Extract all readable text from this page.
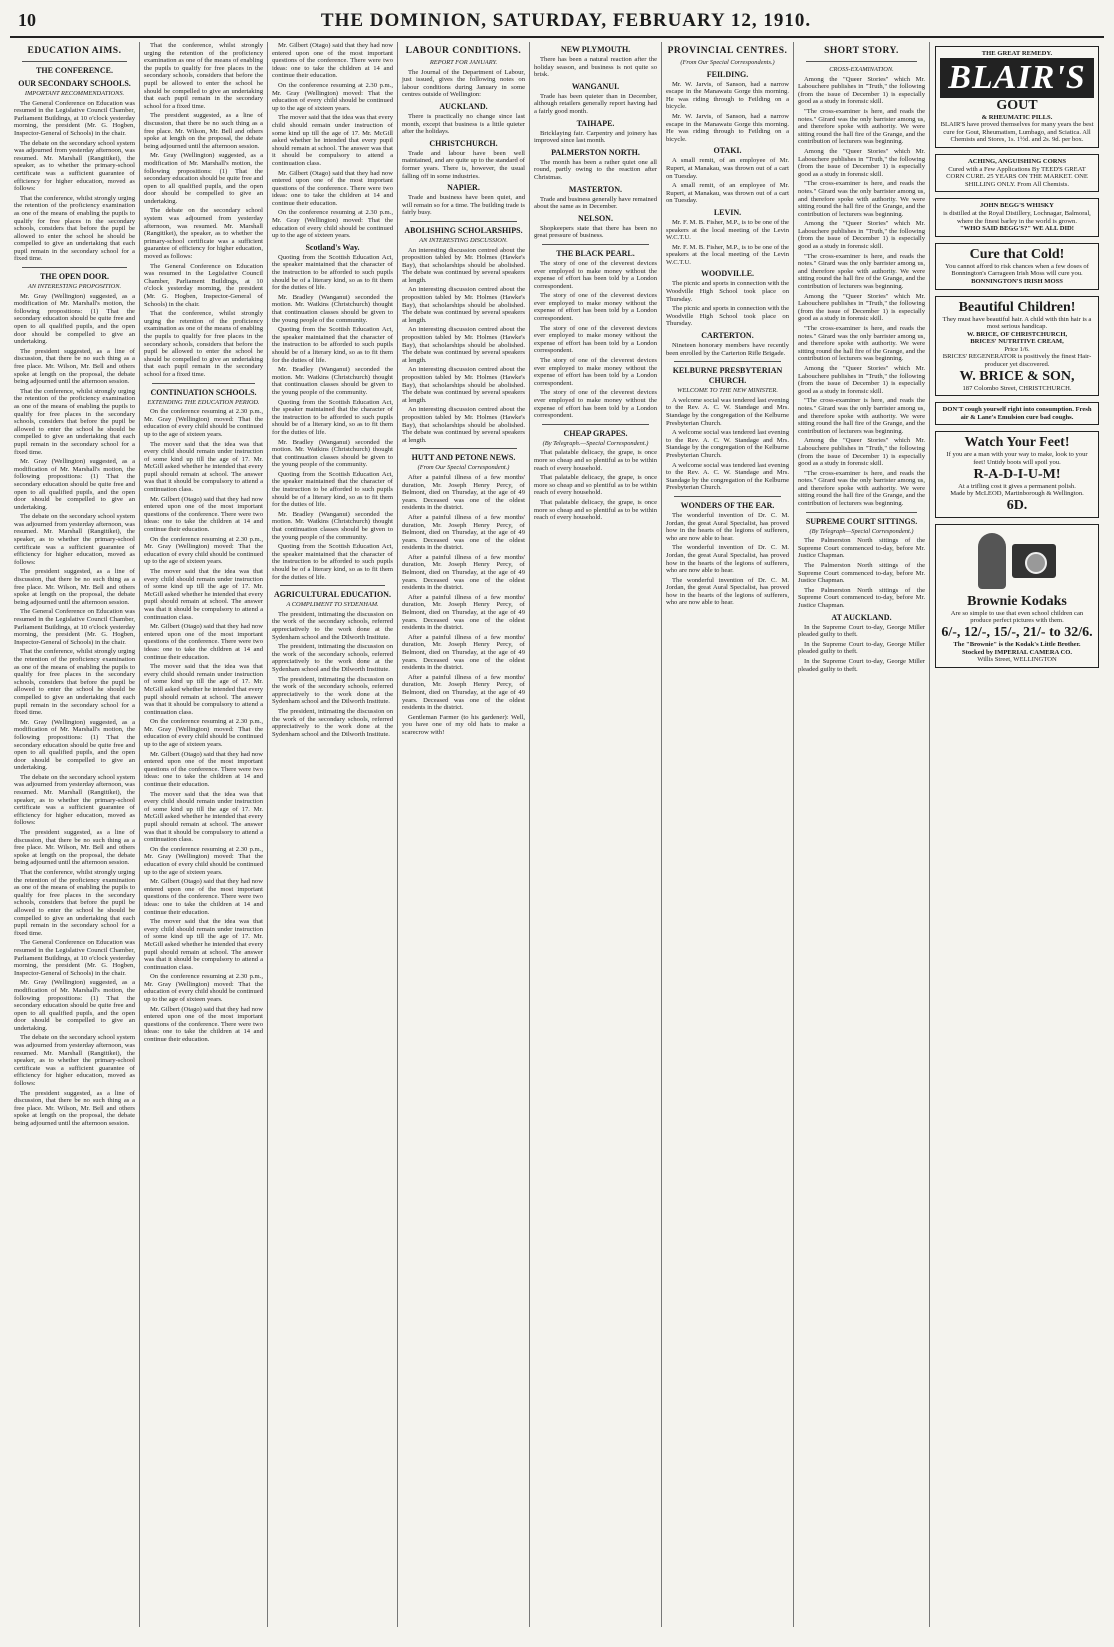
10	THE DOMINION, SATURDAY, FEBRUARY 12, 1910.
EDUCATION AIMS.
THE CONFERENCE.
OUR SECONDARY SCHOOLS.
IMPORTANT RECOMMENDATIONS.

The General Conference on Education was resumed in the Legislative Council Chamber, Parliament Buildings, at 10 o'clock yesterday morning, the president (Mr. G. Hogben, Inspector-General of Schools) in the chair.

The debate on the secondary school system was adjourned from yesterday afternoon, was resumed. Mr. Marshall (Rangitikei), the speaker, as to whether the primary-school certificate was a sufficient guarantee of efficiency for higher education, moved as follows:

That the conference, whilst strongly urging the retention of the proficiency examination as one of the means of enabling the pupils to qualify for free places in the secondary schools, considers that before the pupil be allowed to enter the school he should be compelled to give an undertaking that each pupil remain in the secondary school for a fixed time.

THE OPEN DOOR.
AN INTERESTING PROPOSITION.

Mr. Gray (Wellington) suggested, as a modification of Mr. Marshall's motion, the following propositions: (1) That the secondary education should be quite free and open to all qualified pupils, and the open door should be compelled to give an undertaking.

The president suggested, as a line of discussion, that there be no such thing as a free place. Mr. Wilson, Mr. Bell and others spoke at length on the proposal, the debate being adjourned until the afternoon session.

That the conference, whilst strongly urging the retention of the proficiency examination as one of the means of enabling the pupils to qualify for free places in the secondary schools, considers that before the pupil be allowed to enter the school he should be compelled to give an undertaking that each pupil remain in the secondary school for a fixed time.

Mr. Gray (Wellington) suggested, as a modification of Mr. Marshall's motion, the following propositions: (1) That the secondary education should be quite free and open to all qualified pupils, and the open door should be compelled to give an undertaking.

The debate on the secondary school system was adjourned from yesterday afternoon, was resumed. Mr. Marshall (Rangitikei), the speaker, as to whether the primary-school certificate was a sufficient guarantee of efficiency for higher education, moved as follows:

The president suggested, as a line of discussion, that there be no such thing as a free place. Mr. Wilson, Mr. Bell and others spoke at length on the proposal, the debate being adjourned until the afternoon session.

The General Conference on Education was resumed in the Legislative Council Chamber, Parliament Buildings, at 10 o'clock yesterday morning, the president (Mr. G. Hogben, Inspector-General of Schools) in the chair.

That the conference, whilst strongly urging the retention of the proficiency examination as one of the means of enabling the pupils to qualify for free places in the secondary schools, considers that before the pupil be allowed to enter the school he should be compelled to give an undertaking that each pupil remain in the secondary school for a fixed time.

Mr. Gray (Wellington) suggested, as a modification of Mr. Marshall's motion, the following propositions: (1) That the secondary education should be quite free and open to all qualified pupils, and the open door should be compelled to give an undertaking.

The debate on the secondary school system was adjourned from yesterday afternoon, was resumed. Mr. Marshall (Rangitikei), the speaker, as to whether the primary-school certificate was a sufficient guarantee of efficiency for higher education, moved as follows:

The president suggested, as a line of discussion, that there be no such thing as a free place. Mr. Wilson, Mr. Bell and others spoke at length on the proposal, the debate being adjourned until the afternoon session.

That the conference, whilst strongly urging the retention of the proficiency examination as one of the means of enabling the pupils to qualify for free places in the secondary schools, considers that before the pupil be allowed to enter the school he should be compelled to give an undertaking that each pupil remain in the secondary school for a fixed time.

The General Conference on Education was resumed in the Legislative Council Chamber, Parliament Buildings, at 10 o'clock yesterday morning, the president (Mr. G. Hogben, Inspector-General of Schools) in the chair.

Mr. Gray (Wellington) suggested, as a modification of Mr. Marshall's motion, the following propositions: (1) That the secondary education should be quite free and open to all qualified pupils, and the open door should be compelled to give an undertaking.

The debate on the secondary school system was adjourned from yesterday afternoon, was resumed. Mr. Marshall (Rangitikei), the speaker, as to whether the primary-school certificate was a sufficient guarantee of efficiency for higher education, moved as follows:

The president suggested, as a line of discussion, that there be no such thing as a free place. Mr. Wilson, Mr. Bell and others spoke at length on the proposal, the debate being adjourned until the afternoon session.

That the conference, whilst strongly urging the retention of the proficiency examination as one of the means of enabling the pupils to qualify for free places in the secondary schools, considers that before the pupil be allowed to enter the school he should be compelled to give an undertaking that each pupil remain in the secondary school for a fixed time.

The president suggested, as a line of discussion, that there be no such thing as a free place. Mr. Wilson, Mr. Bell and others spoke at length on the proposal, the debate being adjourned until the afternoon session.

Mr. Gray (Wellington) suggested, as a modification of Mr. Marshall's motion, the following propositions: (1) That the secondary education should be quite free and open to all qualified pupils, and the open door should be compelled to give an undertaking.

The debate on the secondary school system was adjourned from yesterday afternoon, was resumed. Mr. Marshall (Rangitikei), the speaker, as to whether the primary-school certificate was a sufficient guarantee of efficiency for higher education, moved as follows:

The General Conference on Education was resumed in the Legislative Council Chamber, Parliament Buildings, at 10 o'clock yesterday morning, the president (Mr. G. Hogben, Inspector-General of Schools) in the chair.

That the conference, whilst strongly urging the retention of the proficiency examination as one of the means of enabling the pupils to qualify for free places in the secondary schools, considers that before the pupil be allowed to enter the school he should be compelled to give an undertaking that each pupil remain in the secondary school for a fixed time.

CONTINUATION SCHOOLS.
EXTENDING THE EDUCATION PERIOD.

On the conference resuming at 2.30 p.m., Mr. Gray (Wellington) moved: That the education of every child should be continued up to the age of sixteen years.

The mover said that the idea was that every child should remain under instruction of some kind up till the age of 17. Mr. McGill asked whether he intended that every pupil should remain at school. The answer was that it should be compulsory to attend a continuation class.

Mr. Gilbert (Otago) said that they had now entered upon one of the most important questions of the conference. There were two ideas: one to take the children at 14 and continue their education.

On the conference resuming at 2.30 p.m., Mr. Gray (Wellington) moved: That the education of every child should be continued up to the age of sixteen years.

The mover said that the idea was that every child should remain under instruction of some kind up till the age of 17. Mr. McGill asked whether he intended that every pupil should remain at school. The answer was that it should be compulsory to attend a continuation class.

Mr. Gilbert (Otago) said that they had now entered upon one of the most important questions of the conference. There were two ideas: one to take the children at 14 and continue their education.

The mover said that the idea was that every child should remain under instruction of some kind up till the age of 17. Mr. McGill asked whether he intended that every pupil should remain at school. The answer was that it should be compulsory to attend a continuation class.

On the conference resuming at 2.30 p.m., Mr. Gray (Wellington) moved: That the education of every child should be continued up to the age of sixteen years.

Mr. Gilbert (Otago) said that they had now entered upon one of the most important questions of the conference. There were two ideas: one to take the children at 14 and continue their education.

The mover said that the idea was that every child should remain under instruction of some kind up till the age of 17. Mr. McGill asked whether he intended that every pupil should remain at school. The answer was that it should be compulsory to attend a continuation class.

On the conference resuming at 2.30 p.m., Mr. Gray (Wellington) moved: That the education of every child should be continued up to the age of sixteen years.

Mr. Gilbert (Otago) said that they had now entered upon one of the most important questions of the conference. There were two ideas: one to take the children at 14 and continue their education.

The mover said that the idea was that every child should remain under instruction of some kind up till the age of 17. Mr. McGill asked whether he intended that every pupil should remain at school. The answer was that it should be compulsory to attend a continuation class.

On the conference resuming at 2.30 p.m., Mr. Gray (Wellington) moved: That the education of every child should be continued up to the age of sixteen years.

Mr. Gilbert (Otago) said that they had now entered upon one of the most important questions of the conference. There were two ideas: one to take the children at 14 and continue their education.

Mr. Gilbert (Otago) said that they had now entered upon one of the most important questions of the conference. There were two ideas: one to take the children at 14 and continue their education.

On the conference resuming at 2.30 p.m., Mr. Gray (Wellington) moved: That the education of every child should be continued up to the age of sixteen years.

The mover said that the idea was that every child should remain under instruction of some kind up till the age of 17. Mr. McGill asked whether he intended that every pupil should remain at school. The answer was that it should be compulsory to attend a continuation class.

Mr. Gilbert (Otago) said that they had now entered upon one of the most important questions of the conference. There were two ideas: one to take the children at 14 and continue their education.

On the conference resuming at 2.30 p.m., Mr. Gray (Wellington) moved: That the education of every child should be continued up to the age of sixteen years.

Scotland's Way.

Quoting from the Scottish Education Act, the speaker maintained that the character of the instruction to be afforded to such pupils should be of a literary kind, so as to fit them for the duties of life.

Mr. Bradley (Wanganui) seconded the motion. Mr. Watkins (Christchurch) thought that continuation classes should be given to the young people of the community.

Quoting from the Scottish Education Act, the speaker maintained that the character of the instruction to be afforded to such pupils should be of a literary kind, so as to fit them for the duties of life.

Mr. Bradley (Wanganui) seconded the motion. Mr. Watkins (Christchurch) thought that continuation classes should be given to the young people of the community.

Quoting from the Scottish Education Act, the speaker maintained that the character of the instruction to be afforded to such pupils should be of a literary kind, so as to fit them for the duties of life.

Mr. Bradley (Wanganui) seconded the motion. Mr. Watkins (Christchurch) thought that continuation classes should be given to the young people of the community.

Quoting from the Scottish Education Act, the speaker maintained that the character of the instruction to be afforded to such pupils should be of a literary kind, so as to fit them for the duties of life.

Mr. Bradley (Wanganui) seconded the motion. Mr. Watkins (Christchurch) thought that continuation classes should be given to the young people of the community.

Quoting from the Scottish Education Act, the speaker maintained that the character of the instruction to be afforded to such pupils should be of a literary kind, so as to fit them for the duties of life.

AGRICULTURAL EDUCATION.
A COMPLIMENT TO SYDENHAM.

The president, intimating the discussion on the work of the secondary schools, referred appreciatively to the work done at the Sydenham school and the Dilworth Institute.

The president, intimating the discussion on the work of the secondary schools, referred appreciatively to the work done at the Sydenham school and the Dilworth Institute.

The president, intimating the discussion on the work of the secondary schools, referred appreciatively to the work done at the Sydenham school and the Dilworth Institute.

The president, intimating the discussion on the work of the secondary schools, referred appreciatively to the work done at the Sydenham school and the Dilworth Institute.

LABOUR CONDITIONS.
REPORT FOR JANUARY.

The Journal of the Department of Labour, just issued, gives the following notes on labour conditions during January in some centres outside of Wellington:

AUCKLAND.

There is practically no change since last month, except that business is a little quieter after the holidays.

CHRISTCHURCH.

Trade and labour have been well maintained, and are quite up to the standard of former years. There is, however, the usual falling off in some industries.

NAPIER.

Trade and business have been quiet, and will remain so for a time. The building trade is fairly busy.

ABOLISHING SCHOLARSHIPS.
AN INTERESTING DISCUSSION.

An interesting discussion centred about the proposition tabled by Mr. Holmes (Hawke's Bay), that scholarships should be abolished. The debate was continued by several speakers at length.

An interesting discussion centred about the proposition tabled by Mr. Holmes (Hawke's Bay), that scholarships should be abolished. The debate was continued by several speakers at length.

An interesting discussion centred about the proposition tabled by Mr. Holmes (Hawke's Bay), that scholarships should be abolished. The debate was continued by several speakers at length.

An interesting discussion centred about the proposition tabled by Mr. Holmes (Hawke's Bay), that scholarships should be abolished. The debate was continued by several speakers at length.

An interesting discussion centred about the proposition tabled by Mr. Holmes (Hawke's Bay), that scholarships should be abolished. The debate was continued by several speakers at length.

HUTT AND PETONE NEWS.
(From Our Special Correspondent.)

After a painful illness of a few months' duration, Mr. Joseph Henry Percy, of Belmont, died on Thursday, at the age of 49 years. Deceased was one of the oldest residents in the district.

After a painful illness of a few months' duration, Mr. Joseph Henry Percy, of Belmont, died on Thursday, at the age of 49 years. Deceased was one of the oldest residents in the district.

After a painful illness of a few months' duration, Mr. Joseph Henry Percy, of Belmont, died on Thursday, at the age of 49 years. Deceased was one of the oldest residents in the district.

After a painful illness of a few months' duration, Mr. Joseph Henry Percy, of Belmont, died on Thursday, at the age of 49 years. Deceased was one of the oldest residents in the district.

After a painful illness of a few months' duration, Mr. Joseph Henry Percy, of Belmont, died on Thursday, at the age of 49 years. Deceased was one of the oldest residents in the district.

After a painful illness of a few months' duration, Mr. Joseph Henry Percy, of Belmont, died on Thursday, at the age of 49 years. Deceased was one of the oldest residents in the district.

Gentleman Farmer (to his gardener): Well, you have one of my old hats to make a scarecrow with!

NEW PLYMOUTH.

There has been a natural reaction after the holiday season, and business is not quite so brisk.

WANGANUI.

Trade has been quieter than in December, although retailers generally report having had a fairly good month.

TAIHAPE.

Bricklaying fair. Carpentry and joinery has improved since last month.

PALMERSTON NORTH.

The month has been a rather quiet one all round, partly owing to the reaction after Christmas.

MASTERTON.

Trade and business generally have remained about the same as in December.

NELSON.

Shopkeepers state that there has been no great pressure of business.

THE BLACK PEARL.

The story of one of the cleverest devices ever employed to make money without the expense of effort has been told by a London correspondent.

The story of one of the cleverest devices ever employed to make money without the expense of effort has been told by a London correspondent.

The story of one of the cleverest devices ever employed to make money without the expense of effort has been told by a London correspondent.

The story of one of the cleverest devices ever employed to make money without the expense of effort has been told by a London correspondent.

The story of one of the cleverest devices ever employed to make money without the expense of effort has been told by a London correspondent.

CHEAP GRAPES.
(By Telegraph.—Special Correspondent.)

That palatable delicacy, the grape, is once more so cheap and so plentiful as to be within reach of every household.

That palatable delicacy, the grape, is once more so cheap and so plentiful as to be within reach of every household.

That palatable delicacy, the grape, is once more so cheap and so plentiful as to be within reach of every household.

PROVINCIAL CENTRES.
(From Our Special Correspondents.)
FEILDING.

Mr. W. Jarvis, of Sanson, had a narrow escape in the Manawatu Gorge this morning. He was riding through to Feilding on a bicycle.

Mr. W. Jarvis, of Sanson, had a narrow escape in the Manawatu Gorge this morning. He was riding through to Feilding on a bicycle.

OTAKI.

A small remit, of an employee of Mr. Rupert, at Manakau, was thrown out of a cart on Tuesday.

A small remit, of an employee of Mr. Rupert, at Manakau, was thrown out of a cart on Tuesday.

LEVIN.

Mr. F. M. B. Fisher, M.P., is to be one of the speakers at the local meeting of the Levin W.C.T.U.

Mr. F. M. B. Fisher, M.P., is to be one of the speakers at the local meeting of the Levin W.C.T.U.

WOODVILLE.

The picnic and sports in connection with the Woodville High School took place on Thursday.

The picnic and sports in connection with the Woodville High School took place on Thursday.

CARTERTON.

Nineteen honorary members have recently been enrolled by the Carterton Rifle Brigade.

KELBURNE PRESBYTERIAN CHURCH.
WELCOME TO THE NEW MINISTER.

A welcome social was tendered last evening to the Rev. A. C. W. Standage and Mrs. Standage by the congregation of the Kelburne Presbyterian Church.

A welcome social was tendered last evening to the Rev. A. C. W. Standage and Mrs. Standage by the congregation of the Kelburne Presbyterian Church.

A welcome social was tendered last evening to the Rev. A. C. W. Standage and Mrs. Standage by the congregation of the Kelburne Presbyterian Church.

WONDERS OF THE EAR.

The wonderful invention of Dr. C. M. Jordan, the great Aural Specialist, has proved how in the hearts of the legions of sufferers, who are now able to hear.

The wonderful invention of Dr. C. M. Jordan, the great Aural Specialist, has proved how in the hearts of the legions of sufferers, who are now able to hear.

The wonderful invention of Dr. C. M. Jordan, the great Aural Specialist, has proved how in the hearts of the legions of sufferers, who are now able to hear.

SHORT STORY.
CROSS-EXAMINATION.

Among the "Queer Stories" which Mr. Labouchere publishes in "Truth," the following (from the issue of December 1) is especially good as a study in forensic skill.

"The cross-examiner is here, and reads the notes." Girard was the only barrister among us, and therefore spoke with authority. We were sitting round the hall fire of the Grange, and the contribution of lecturers was beginning.

Among the "Queer Stories" which Mr. Labouchere publishes in "Truth," the following (from the issue of December 1) is especially good as a study in forensic skill.

"The cross-examiner is here, and reads the notes." Girard was the only barrister among us, and therefore spoke with authority. We were sitting round the hall fire of the Grange, and the contribution of lecturers was beginning.

Among the "Queer Stories" which Mr. Labouchere publishes in "Truth," the following (from the issue of December 1) is especially good as a study in forensic skill.

"The cross-examiner is here, and reads the notes." Girard was the only barrister among us, and therefore spoke with authority. We were sitting round the hall fire of the Grange, and the contribution of lecturers was beginning.

Among the "Queer Stories" which Mr. Labouchere publishes in "Truth," the following (from the issue of December 1) is especially good as a study in forensic skill.

"The cross-examiner is here, and reads the notes." Girard was the only barrister among us, and therefore spoke with authority. We were sitting round the hall fire of the Grange, and the contribution of lecturers was beginning.

Among the "Queer Stories" which Mr. Labouchere publishes in "Truth," the following (from the issue of December 1) is especially good as a study in forensic skill.

"The cross-examiner is here, and reads the notes." Girard was the only barrister among us, and therefore spoke with authority. We were sitting round the hall fire of the Grange, and the contribution of lecturers was beginning.

Among the "Queer Stories" which Mr. Labouchere publishes in "Truth," the following (from the issue of December 1) is especially good as a study in forensic skill.

"The cross-examiner is here, and reads the notes." Girard was the only barrister among us, and therefore spoke with authority. We were sitting round the hall fire of the Grange, and the contribution of lecturers was beginning.

SUPREME COURT SITTINGS.
(By Telegraph—Special Correspondent.)

The Palmerston North sittings of the Supreme Court commenced to-day, before Mr. Justice Chapman.

The Palmerston North sittings of the Supreme Court commenced to-day, before Mr. Justice Chapman.

The Palmerston North sittings of the Supreme Court commenced to-day, before Mr. Justice Chapman.

AT AUCKLAND.

In the Supreme Court to-day, George Miller pleaded guilty to theft.

In the Supreme Court to-day, George Miller pleaded guilty to theft.

In the Supreme Court to-day, George Miller pleaded guilty to theft.

THE GREAT REMEDY.
BLAIR'S
GOUT
& RHEUMATIC PILLS.
BLAIR'S have proved themselves for many years the best cure for Gout, Rheumatism, Lumbago, and Sciatica. All Chemists and Stores, 1s. 1½d. and 2s. 9d. per box.
ACHING, ANGUISHING CORNS
Cured with a Few Applications By TEED'S GREAT CORN CURE. 25 YEARS ON THE MARKET. ONE SHILLING ONLY. From All Chemists.
JOHN BEGG'S WHISKY
is distilled at the Royal Distillery, Lochnagar, Balmoral, where the finest barley in the world is grown.
"WHO SAID BEGG'S?" WE ALL DID!
Cure that Cold!
You cannot afford to risk chances when a few doses of Bonnington's Carrageen Irish Moss will cure you.
BONNINGTON'S IRISH MOSS
Beautiful Children!
They must have beautiful hair. A child with thin hair is a most serious handicap.
W. BRICE, OF CHRISTCHURCH,
BRICES' NUTRITIVE CREAM,
Price 1/6.
BRICES' REGENERATOR is positively the finest Hair-producer yet discovered.
W. BRICE & SON,
187 Colombo Street, CHRISTCHURCH.
DON'T cough yourself right into consumption. Fresh air & Lane's Emulsion cure bad coughs.
Watch Your Feet!
If you are a man with your way to make, look to your feet! Untidy boots will spoil you.
R-A-D-I-U-M!
At a trifling cost it gives a permanent polish.
Made by McLEOD, Martinborough & Wellington.
6D.
Brownie Kodaks
Are so simple to use that even school children can produce perfect pictures with them.
6/-, 12/-, 15/-, 21/- to 32/6.
The "Brownie" is the Kodak's Little Brother.
Stocked by IMPERIAL CAMERA CO.
Willis Street, WELLINGTON
